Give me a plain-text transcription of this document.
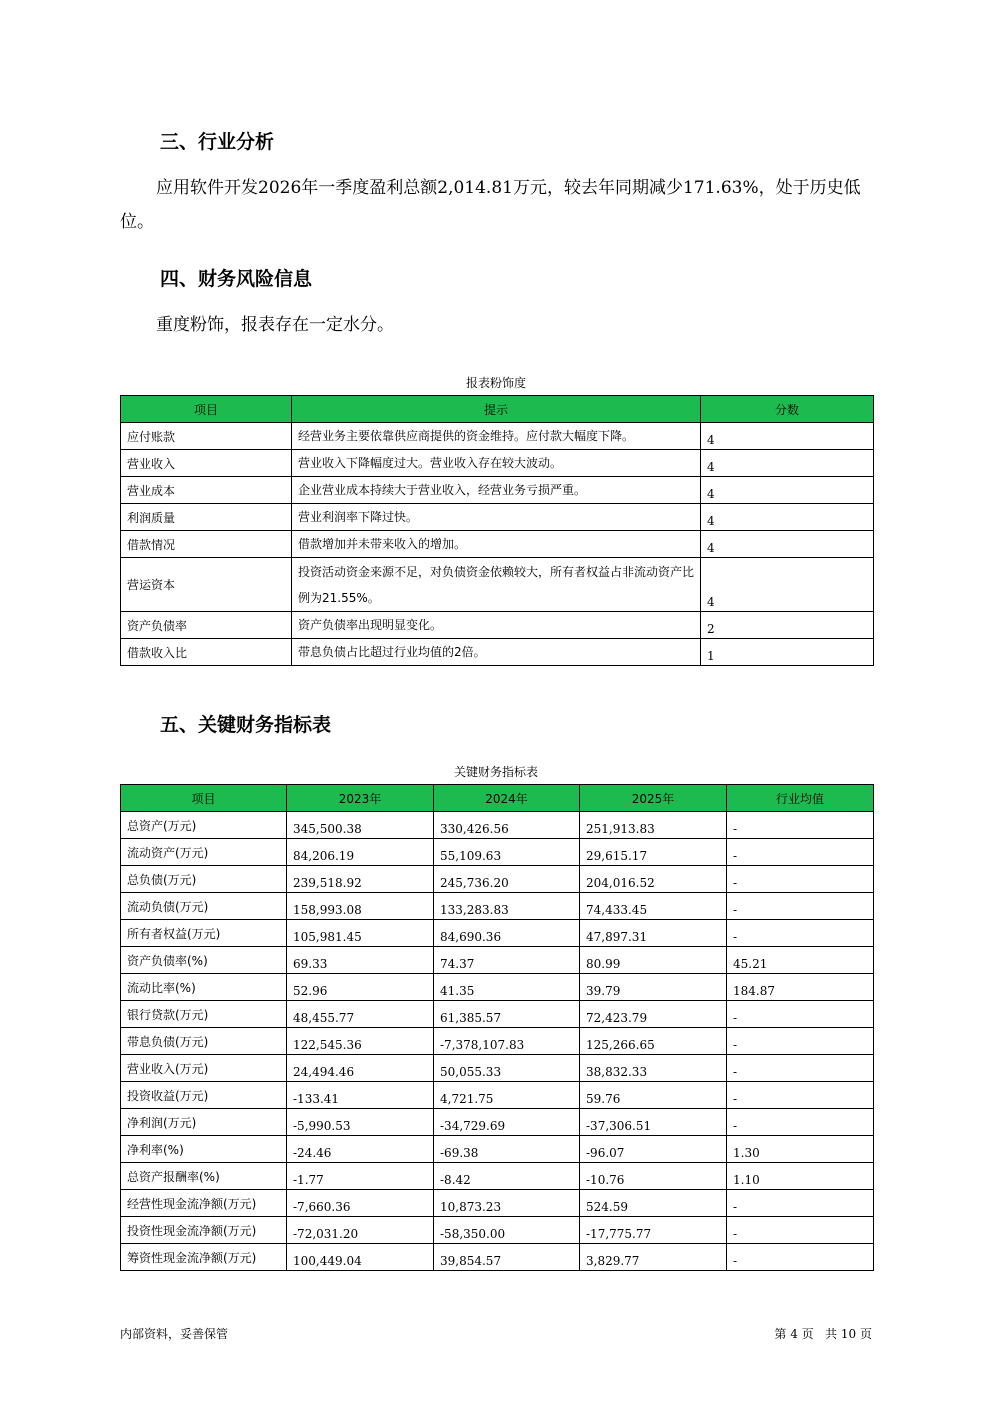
三、行业分析
应用软件开发2026年一季度盈利总额2,014.81万元，较去年同期减少171.63%，处于历史低位。
四、财务风险信息
重度粉饰，报表存在一定水分。
报表粉饰度
项目	提示	分数
应付账款	经营业务主要依靠供应商提供的资金维持。应付款大幅度下降。	4
营业收入	营业收入下降幅度过大。营业收入存在较大波动。	4
营业成本	企业营业成本持续大于营业收入，经营业务亏损严重。	4
利润质量	营业利润率下降过快。	4
借款情况	借款增加并未带来收入的增加。	4
营运资本	投资活动资金来源不足，对负债资金依赖较大，所有者权益占非流动资产比例为21.55%。	4
资产负债率	资产负债率出现明显变化。	2
借款收入比	带息负债占比超过行业均值的2倍。	1
五、关键财务指标表
关键财务指标表
项目	2023年	2024年	2025年	行业均值
总资产(万元)	345,500.38	330,426.56	251,913.83	-
流动资产(万元)	84,206.19	55,109.63	29,615.17	-
总负债(万元)	239,518.92	245,736.20	204,016.52	-
流动负债(万元)	158,993.08	133,283.83	74,433.45	-
所有者权益(万元)	105,981.45	84,690.36	47,897.31	-
资产负债率(%)	69.33	74.37	80.99	45.21
流动比率(%)	52.96	41.35	39.79	184.87
银行贷款(万元)	48,455.77	61,385.57	72,423.79	-
带息负债(万元)	122,545.36	-7,378,107.83	125,266.65	-
营业收入(万元)	24,494.46	50,055.33	38,832.33	-
投资收益(万元)	-133.41	4,721.75	59.76	-
净利润(万元)	-5,990.53	-34,729.69	-37,306.51	-
净利率(%)	-24.46	-69.38	-96.07	1.30
总资产报酬率(%)	-1.77	-8.42	-10.76	1.10
经营性现金流净额(万元)	-7,660.36	10,873.23	524.59	-
投资性现金流净额(万元)	-72,031.20	-58,350.00	-17,775.77	-
筹资性现金流净额(万元)	100,449.04	39,854.57	3,829.77	-
内部资料，妥善保管	第 4 页   共 10 页
